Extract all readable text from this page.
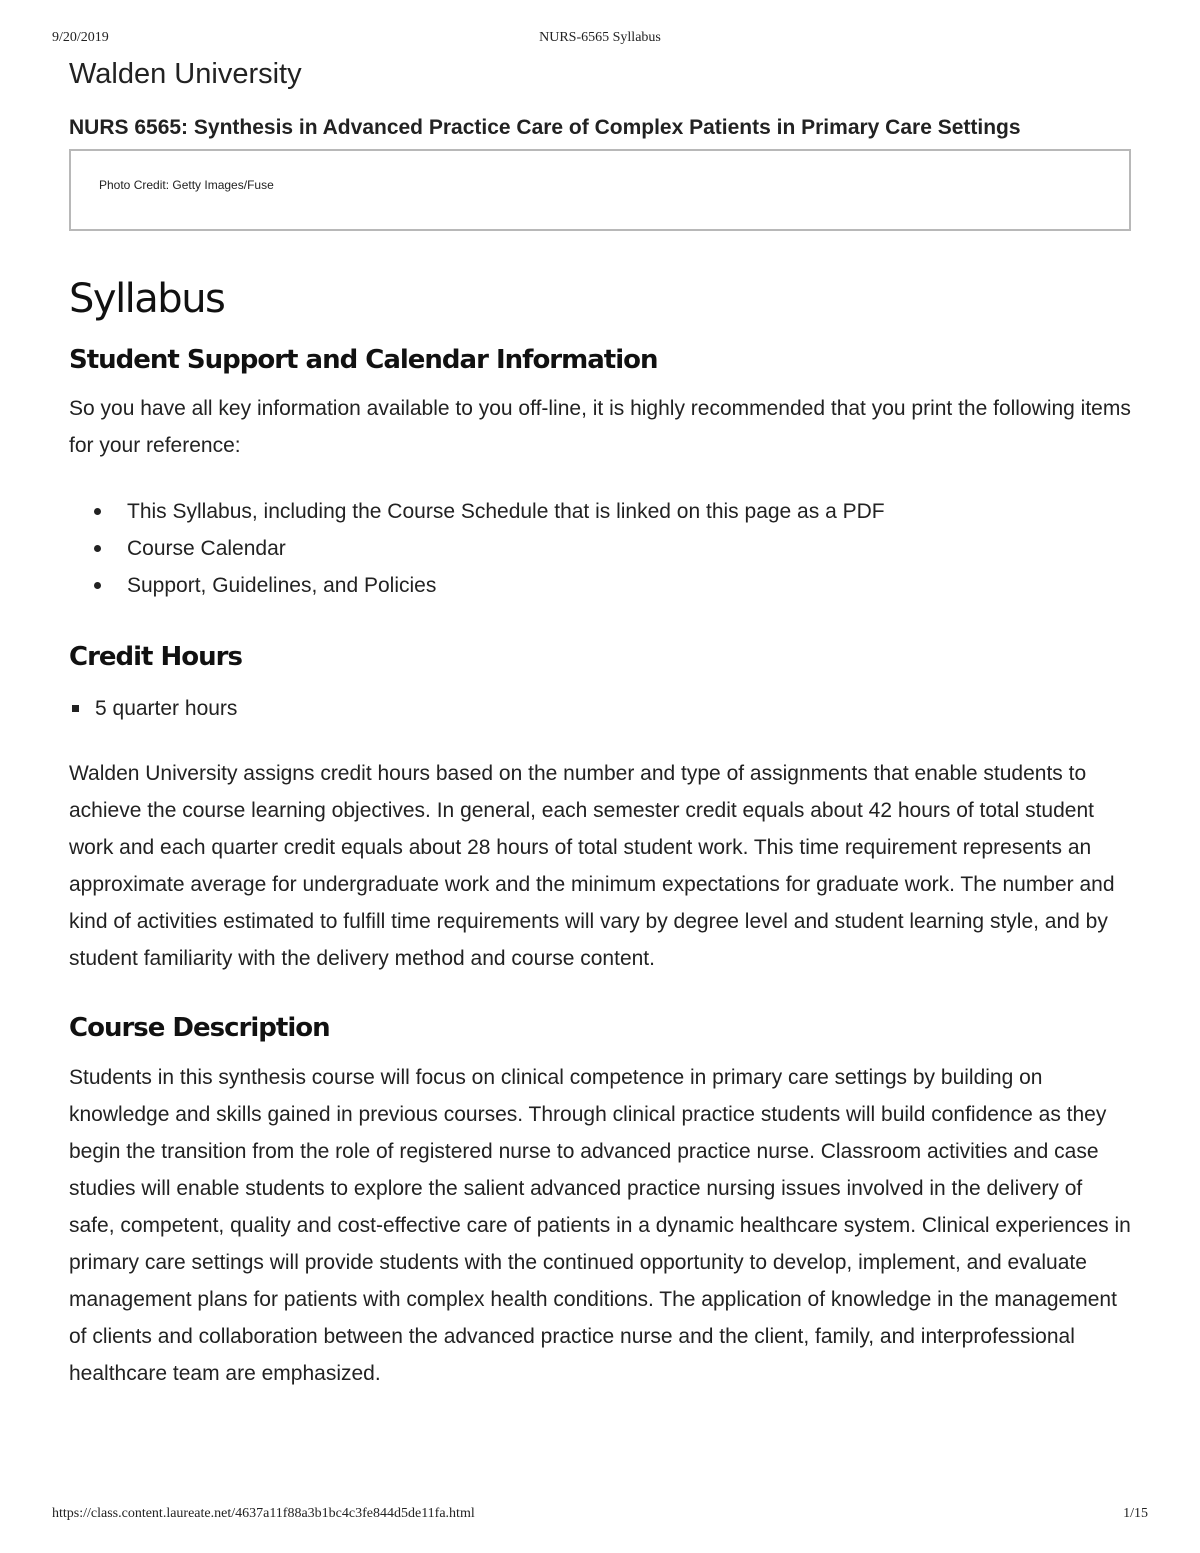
9/20/2019	NURS-6565 Syllabus
Walden University
NURS 6565: Synthesis in Advanced Practice Care of Complex Patients in Primary Care Settings
Photo Credit: Getty Images/Fuse
Syllabus
Student Support and Calendar Information

So you have all key information available to you off-line, it is highly recommended that you print the following items for your reference:

This Syllabus, including the Course Schedule that is linked on this page as a PDF
Course Calendar
Support, Guidelines, and Policies
Credit Hours
5 quarter hours

Walden University assigns credit hours based on the number and type of assignments that enable students to achieve the course learning objectives. In general, each semester credit equals about 42 hours of total student work and each quarter credit equals about 28 hours of total student work. This time requirement represents an approximate average for undergraduate work and the minimum expectations for graduate work. The number and kind of activities estimated to fulfill time requirements will vary by degree level and student learning style, and by student familiarity with the delivery method and course content.

Course Description

Students in this synthesis course will focus on clinical competence in primary care settings by building on knowledge and skills gained in previous courses. Through clinical practice students will build confidence as they begin the transition from the role of registered nurse to advanced practice nurse. Classroom activities and case studies will enable students to explore the salient advanced practice nursing issues involved in the delivery of safe, competent, quality and cost-effective care of patients in a dynamic healthcare system. Clinical experiences in primary care settings will provide students with the continued opportunity to develop, implement, and evaluate management plans for patients with complex health conditions. The application of knowledge in the management of clients and collaboration between the advanced practice nurse and the client, family, and interprofessional healthcare team are emphasized.

https://class.content.laureate.net/4637a11f88a3b1bc4c3fe844d5de11fa.html	1/15
